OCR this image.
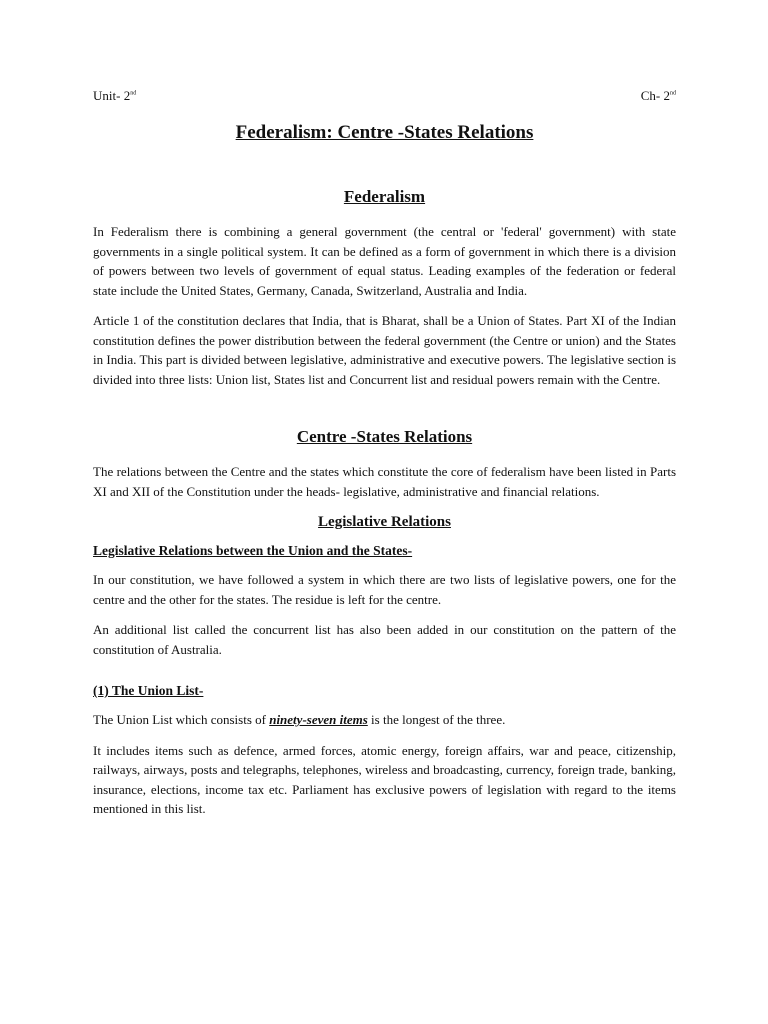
Unit- 2nd	Ch- 2nd
Federalism: Centre -States Relations
Federalism

In Federalism there is combining a general government (the central or 'federal' government) with state governments in a single political system. It can be defined as a form of government in which there is a division of powers between two levels of government of equal status. Leading examples of the federation or federal state include the United States, Germany, Canada, Switzerland, Australia and India.

Article 1 of the constitution declares that India, that is Bharat, shall be a Union of States. Part XI of the Indian constitution defines the power distribution between the federal government (the Centre or union) and the States in India. This part is divided between legislative, administrative and executive powers. The legislative section is divided into three lists: Union list, States list and Concurrent list and residual powers remain with the Centre.

Centre -States Relations

The relations between the Centre and the states which constitute the core of federalism have been listed in Parts XI and XII of the Constitution under the heads- legislative, administrative and financial relations.

Legislative Relations
Legislative Relations between the Union and the States-

In our constitution, we have followed a system in which there are two lists of legislative powers, one for the centre and the other for the states. The residue is left for the centre.

An additional list called the concurrent list has also been added in our constitution on the pattern of the constitution of Australia.

(1) The Union List-

The Union List which consists of ninety-seven items is the longest of the three.

It includes items such as defence, armed forces, atomic energy, foreign affairs, war and peace, citizenship, railways, airways, posts and telegraphs, telephones, wireless and broadcasting, currency, foreign trade, banking, insurance, elections, income tax etc. Parliament has exclusive powers of legislation with regard to the items mentioned in this list.
